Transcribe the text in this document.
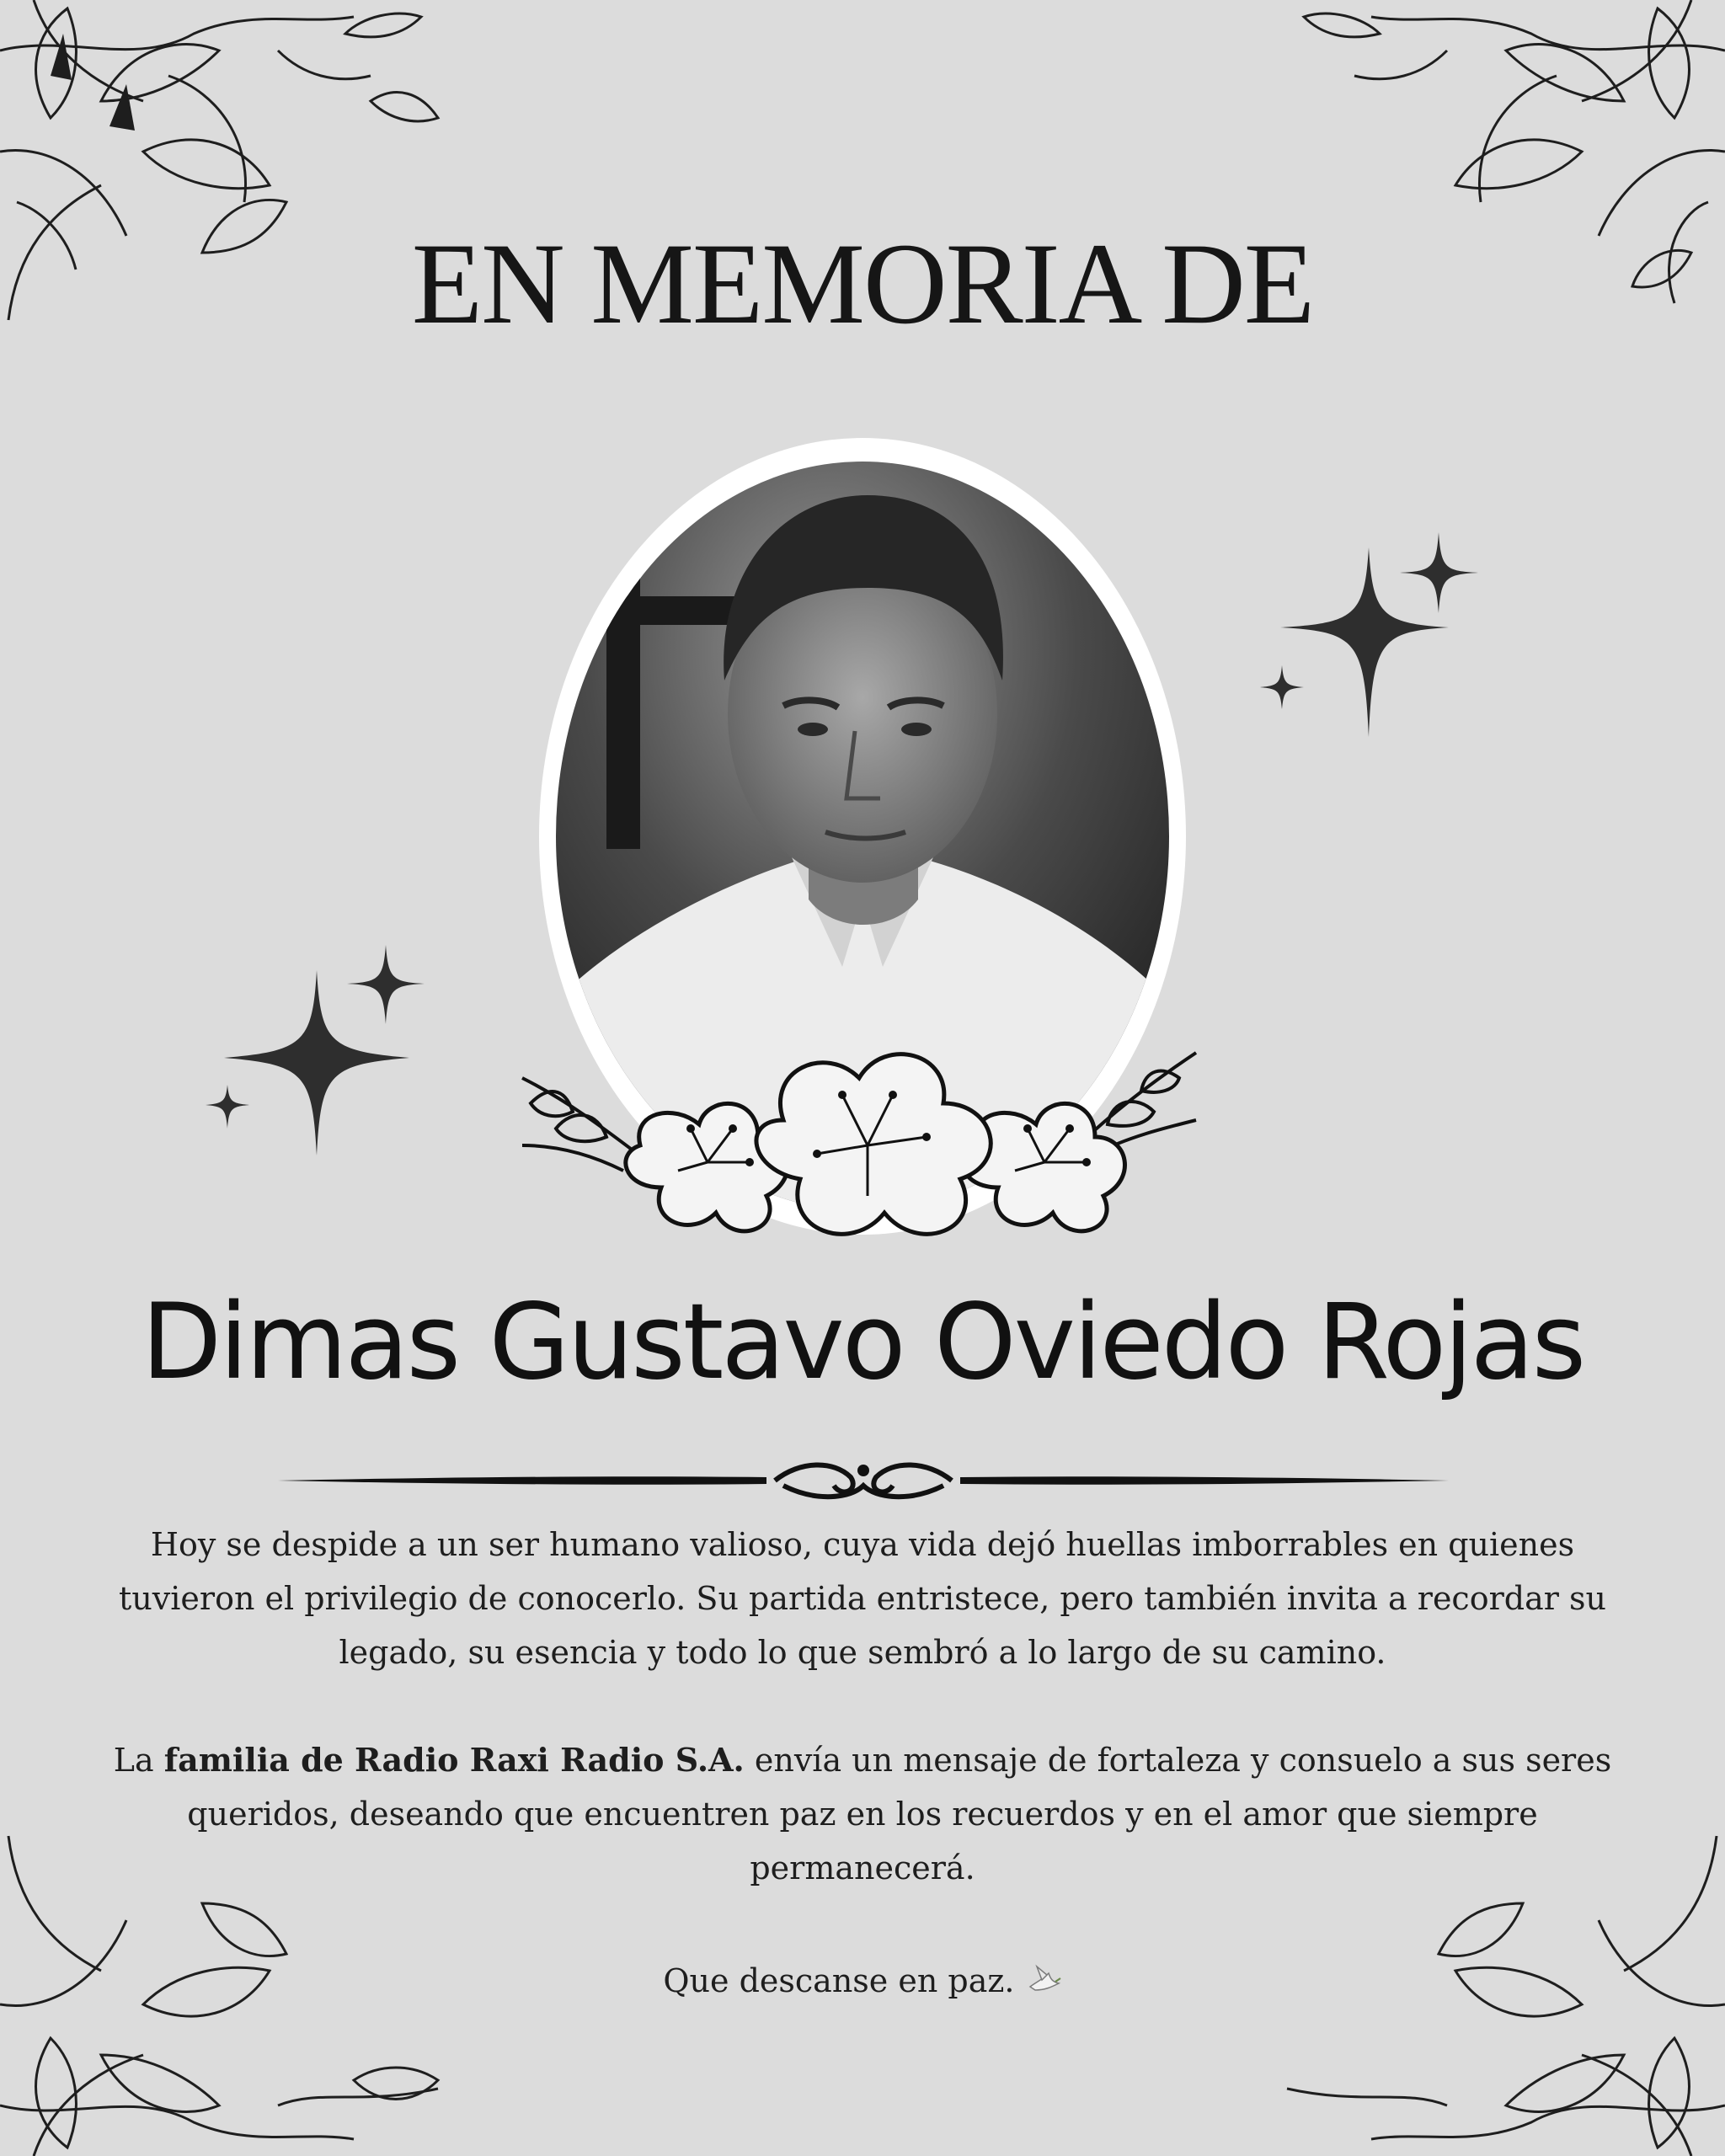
EN MEMORIA DE
Dimas Gustavo Oviedo Rojas
Hoy se despide a un ser humano valioso, cuya vida dejó huellas imborrables en quienes tuvieron el privilegio de conocerlo. Su partida entristece, pero también invita a recordar su legado, su esencia y todo lo que sembró a lo largo de su camino.
La familia de Radio Raxi Radio S.A. envía un mensaje de fortaleza y consuelo a sus seres queridos, deseando que encuentren paz en los recuerdos y en el amor que siempre permanecerá.
Que descanse en paz.
